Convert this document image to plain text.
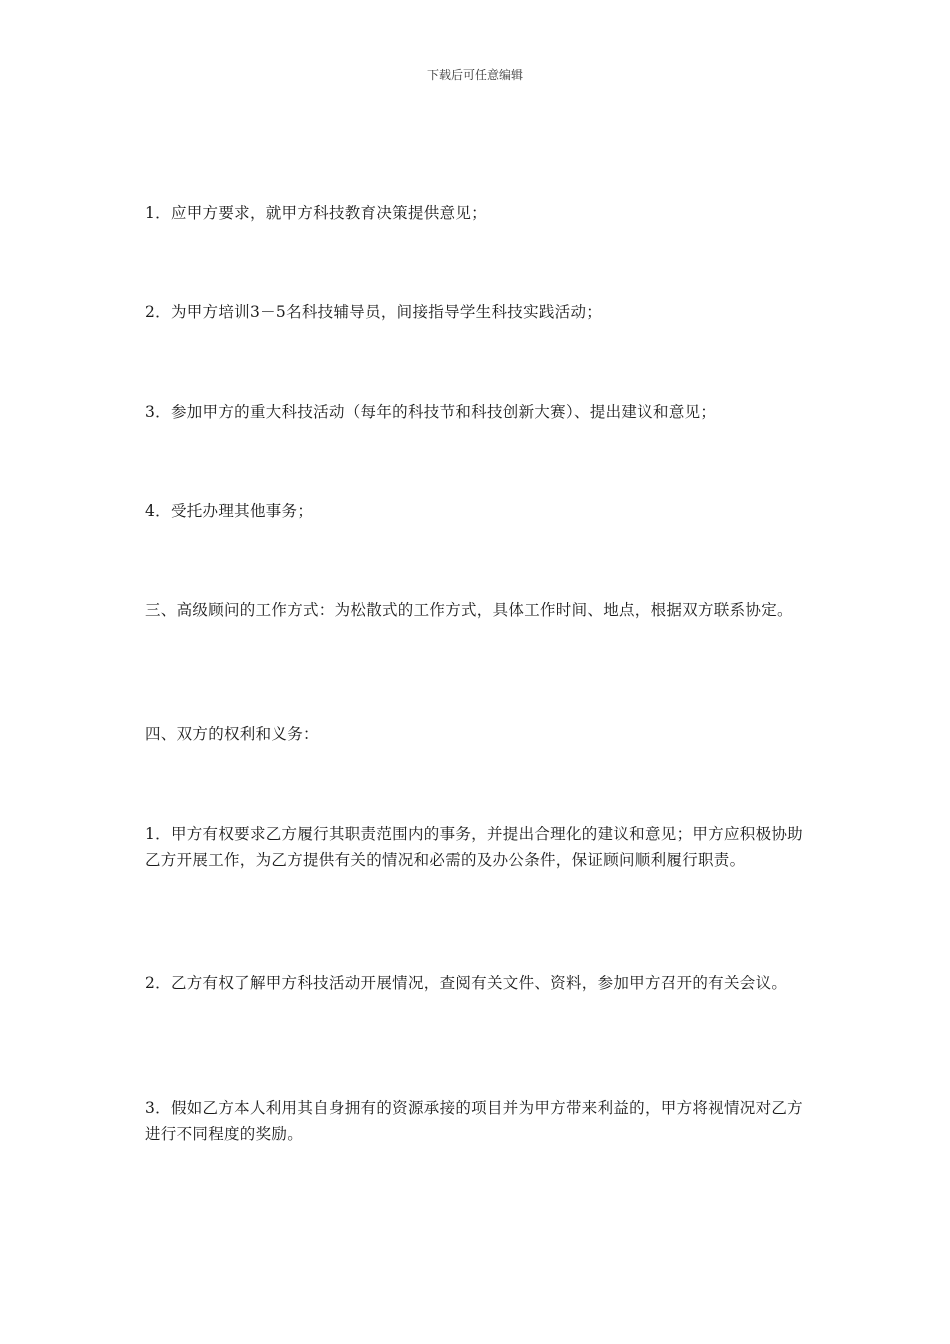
下载后可任意编辑

1．应甲方要求，就甲方科技教育决策提供意见；

2．为甲方培训3－5名科技辅导员，间接指导学生科技实践活动；

3．参加甲方的重大科技活动（每年的科技节和科技创新大赛）、提出建议和意见；

4．受托办理其他事务；

三、高级顾问的工作方式：为松散式的工作方式，具体工作时间、地点，根据双方联系协定。

四、双方的权利和义务：

1．甲方有权要求乙方履行其职责范围内的事务，并提出合理化的建议和意见；甲方应积极协助乙方开展工作，为乙方提供有关的情况和必需的及办公条件，保证顾问顺利履行职责。

2．乙方有权了解甲方科技活动开展情况，查阅有关文件、资料，参加甲方召开的有关会议。

3．假如乙方本人利用其自身拥有的资源承接的项目并为甲方带来利益的，甲方将视情况对乙方进行不同程度的奖励。
